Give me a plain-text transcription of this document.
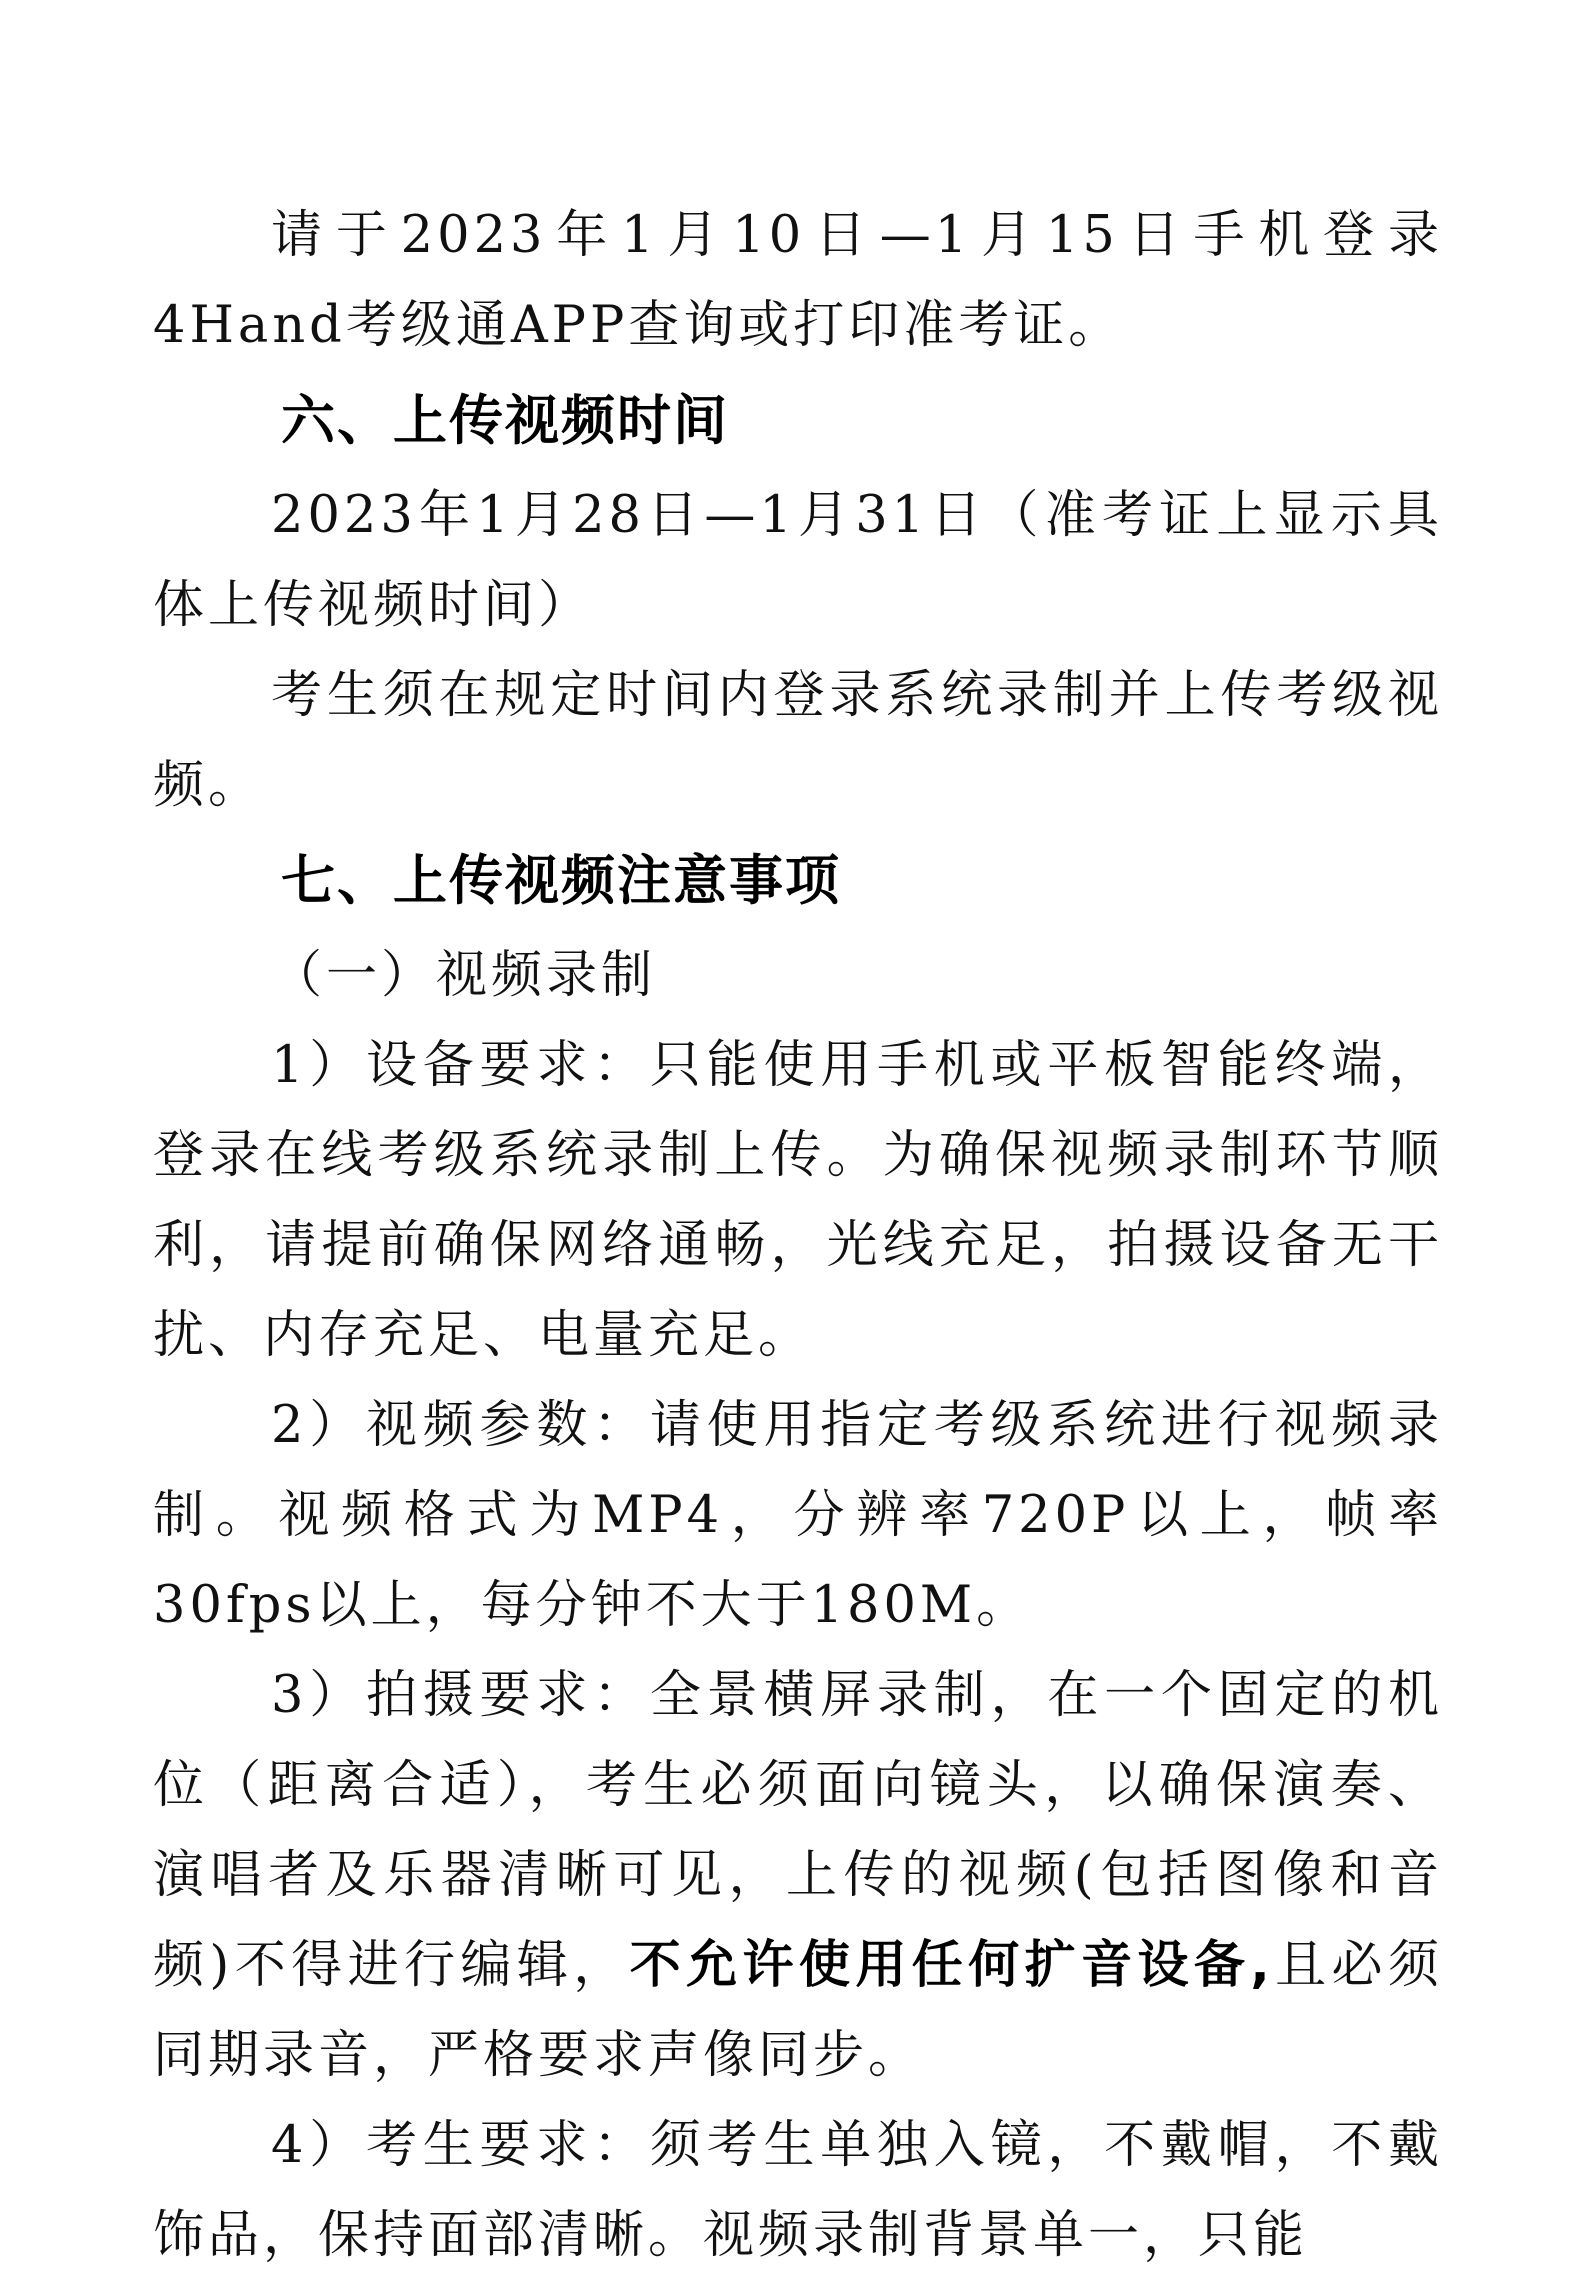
请于2023年1月10日—1月15日手机登录4Hand考级通APP查询或打印准考证。

六、上传视频时间

2023年1月28日—1月31日（准考证上显示具体上传视频时间）

考生须在规定时间内登录系统录制并上传考级视频。

七、上传视频注意事项

（一）视频录制

1）设备要求：只能使用手机或平板智能终端，登录在线考级系统录制上传。为确保视频录制环节顺利，请提前确保网络通畅，光线充足，拍摄设备无干扰、内存充足、电量充足。

2）视频参数：请使用指定考级系统进行视频录制。视频格式为MP4，分辨率720P以上，帧率30fps以上，每分钟不大于180M。

3）拍摄要求：全景横屏录制，在一个固定的机位（距离合适），考生必须面向镜头，以确保演奏、演唱者及乐器清晰可见，上传的视频(包括图像和音频)不得进行编辑，不允许使用任何扩音设备,且必须同期录音，严格要求声像同步。

4）考生要求：须考生单独入镜，不戴帽，不戴饰品，保持面部清晰。视频录制背景单一，只能
